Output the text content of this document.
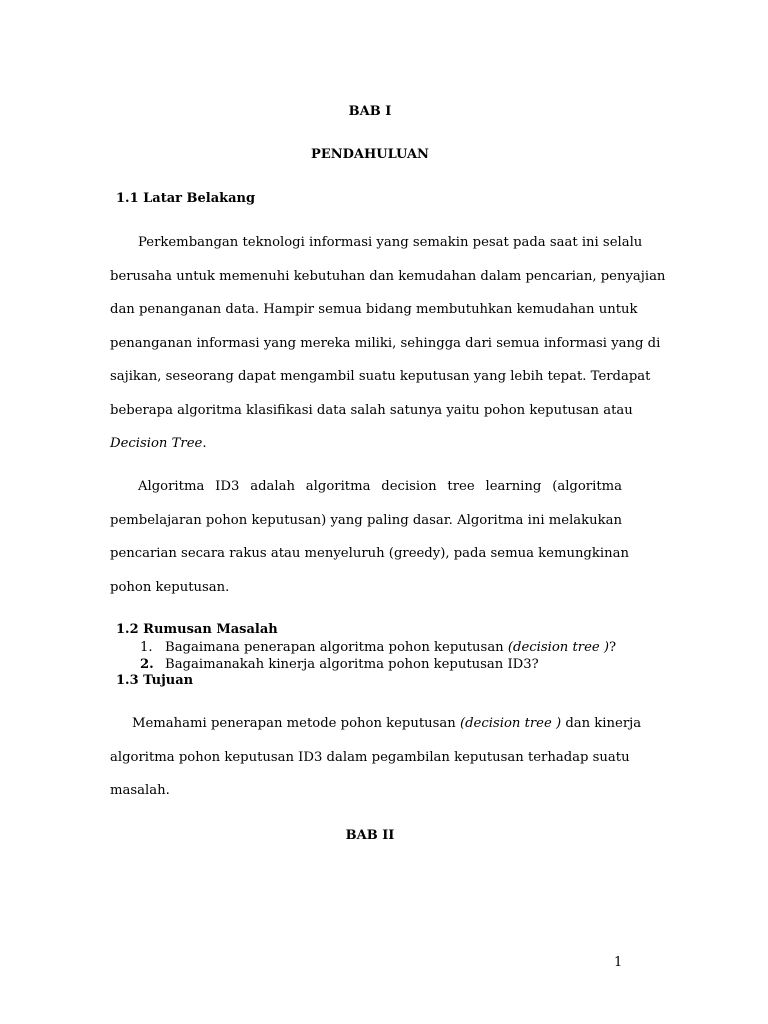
BAB I
PENDAHULUAN
1.1 Latar Belakang
Perkembangan teknologi informasi yang semakin pesat pada saat ini selalu
berusaha untuk memenuhi kebutuhan dan kemudahan dalam pencarian, penyajian
dan penanganan data. Hampir semua bidang membutuhkan kemudahan untuk
penanganan informasi yang mereka miliki, sehingga dari semua informasi yang di
sajikan, seseorang dapat mengambil suatu keputusan yang lebih tepat. Terdapat
beberapa algoritma klasifikasi data salah satunya yaitu pohon keputusan atau
Decision Tree.
Algoritma ID3 adalah algoritma decision tree learning (algoritma
pembelajaran pohon keputusan) yang paling dasar. Algoritma ini melakukan
pencarian secara rakus atau menyeluruh (greedy), pada semua kemungkinan
pohon keputusan.
1.2 Rumusan Masalah
1. Bagaimana penerapan algoritma pohon keputusan (decision tree )?
2. Bagaimanakah kinerja algoritma pohon keputusan ID3?
1.3 Tujuan
Memahami penerapan metode pohon keputusan (decision tree ) dan kinerja
algoritma pohon keputusan ID3 dalam pegambilan keputusan terhadap suatu
masalah.
BAB II
1
